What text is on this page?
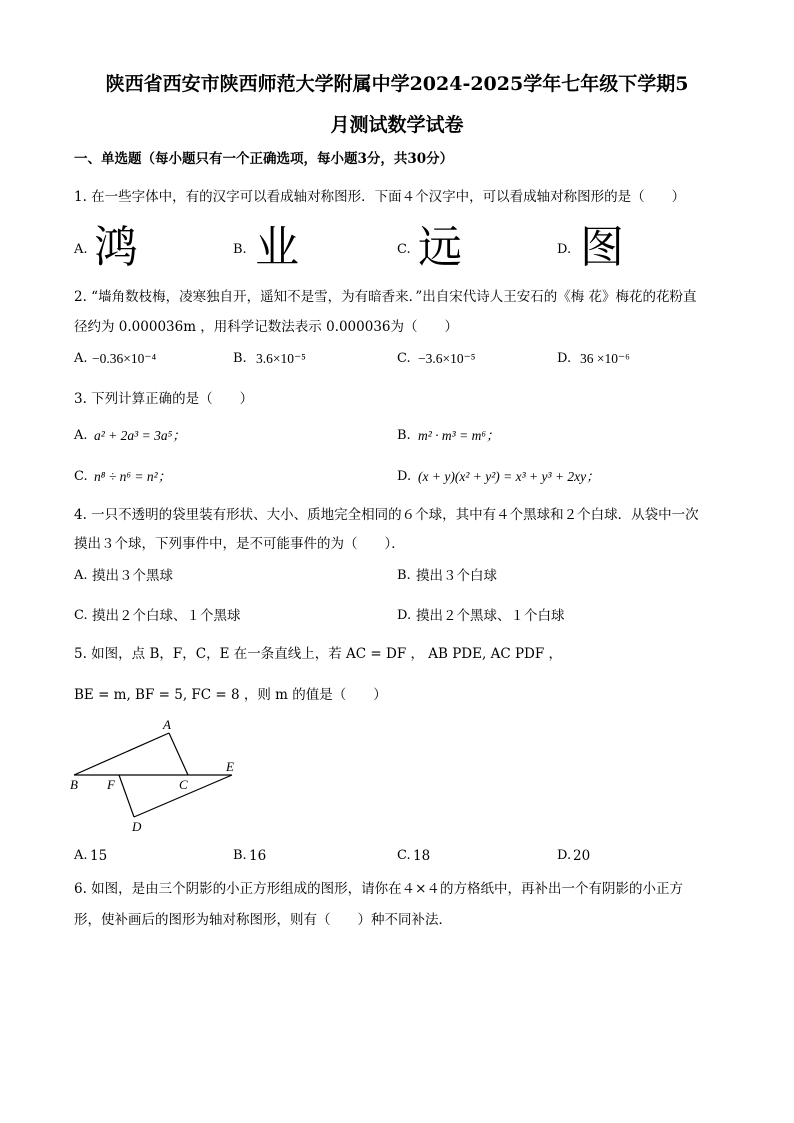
陕西省西安市陕西师范大学附属中学2024-2025学年七年级下学期5
月测试数学试卷
一、单选题（每小题只有一个正确选项，每小题3分，共30分）
1. 在一些字体中，有的汉字可以看成轴对称图形．下面４个汉字中，可以看成轴对称图形的是（　　）
A. 鸿	B. 业	C. 远	D. 图
2. “墙角数枝梅，凌寒独自开，遥知不是雪，为有暗香来．”出自宋代诗人王安石的《梅 花》梅花的花粉直
径约为 0.000036m ，用科学记数法表示 0.000036为（　　）
A. −0.36×10⁻⁴	B. 3.6×10⁻⁵	C. −3.6×10⁻⁵	D. 36 ×10⁻⁶
3. 下列计算正确的是（　　）
A. a² + 2a³ = 3a⁵；	B. m² · m³ = m⁶；
C. n⁸ ÷ n⁶ = n²；	D. (x + y)(x² + y²) = x³ + y³ + 2xy；
4. 一只不透明的袋里装有形状、大小、质地完全相同的６个球，其中有４个黑球和２个白球．从袋中一次
摸出３个球，下列事件中，是不可能事件的为（　　）．
A. 摸出３个黑球	B. 摸出３个白球
C. 摸出２个白球、１个黑球	D. 摸出２个黑球、１个白球
5. 如图，点 B，F，C，E 在一条直线上，若 AC = DF ， AB PDE, AC PDF ，
BE = m, BF = 5, FC = 8 ，则 m 的值是（　　）
A
B F	C
E
D
A. 15	B. 16	C. 18	D. 20
6. 如图，是由三个阴影的小正方形组成的图形，请你在４×４的方格纸中，再补出一个有阴影的小正方
形，使补画后的图形为轴对称图形，则有（　　）种不同补法．
